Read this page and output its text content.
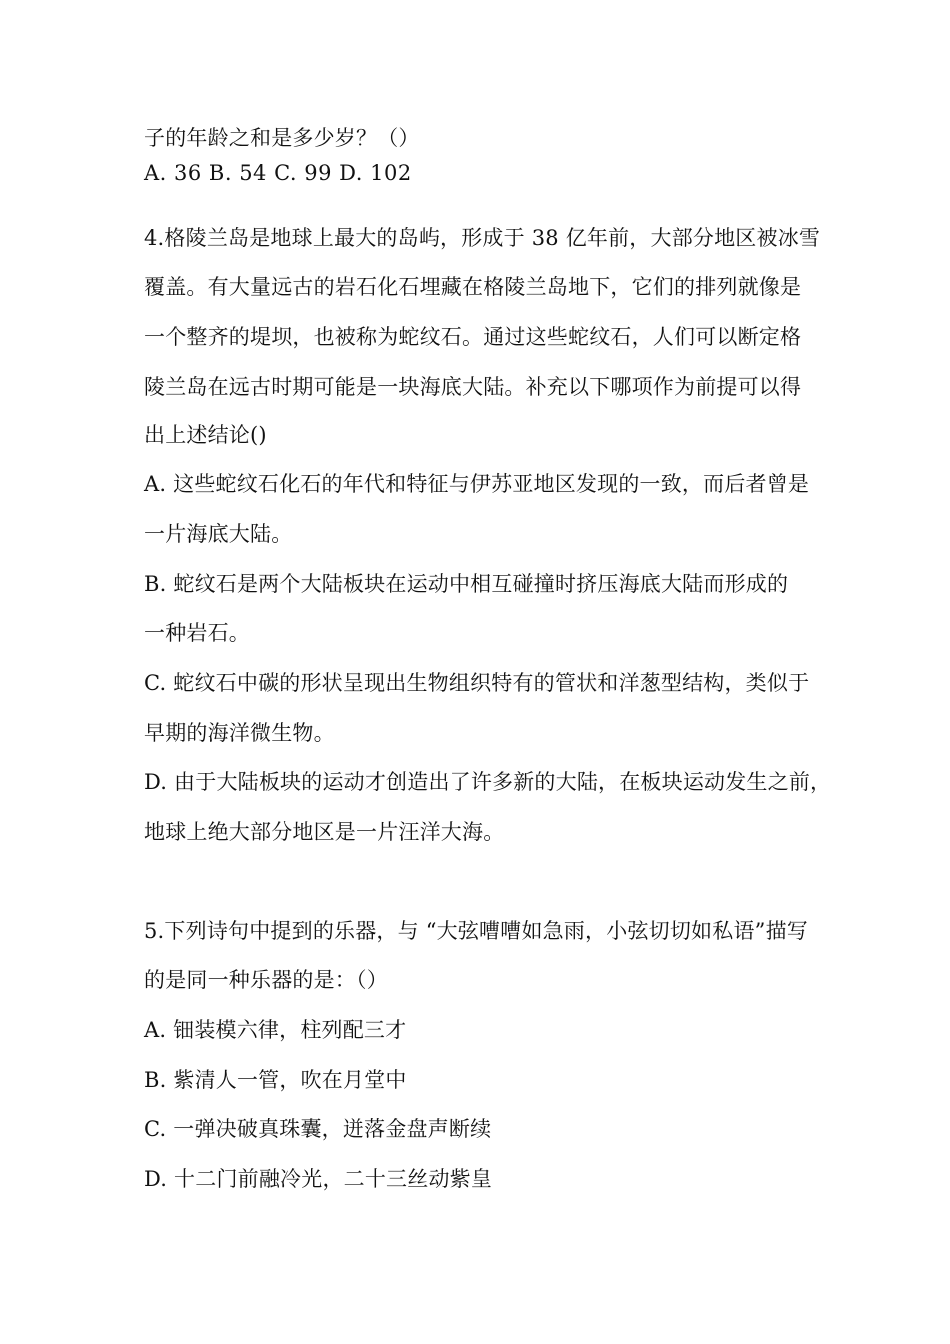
子的年龄之和是多少岁？（）
A. 36 B. 54 C. 99 D. 102
4.格陵兰岛是地球上最大的岛屿，形成于 38 亿年前，大部分地区被冰雪
覆盖。有大量远古的岩石化石埋藏在格陵兰岛地下，它们的排列就像是
一个整齐的堤坝，也被称为蛇纹石。通过这些蛇纹石，人们可以断定格
陵兰岛在远古时期可能是一块海底大陆。补充以下哪项作为前提可以得
出上述结论()
A. 这些蛇纹石化石的年代和特征与伊苏亚地区发现的一致，而后者曾是
一片海底大陆。
B. 蛇纹石是两个大陆板块在运动中相互碰撞时挤压海底大陆而形成的
一种岩石。
C. 蛇纹石中碳的形状呈现出生物组织特有的管状和洋葱型结构，类似于
早期的海洋微生物。
D. 由于大陆板块的运动才创造出了许多新的大陆，在板块运动发生之前，
地球上绝大部分地区是一片汪洋大海。
5.下列诗句中提到的乐器，与 “大弦嘈嘈如急雨，小弦切切如私语”描写
的是同一种乐器的是：（）
A. 钿装模六律，柱列配三才
B. 紫清人一管，吹在月堂中
C. 一弹决破真珠囊，迸落金盘声断续
D. 十二门前融冷光，二十三丝动紫皇
